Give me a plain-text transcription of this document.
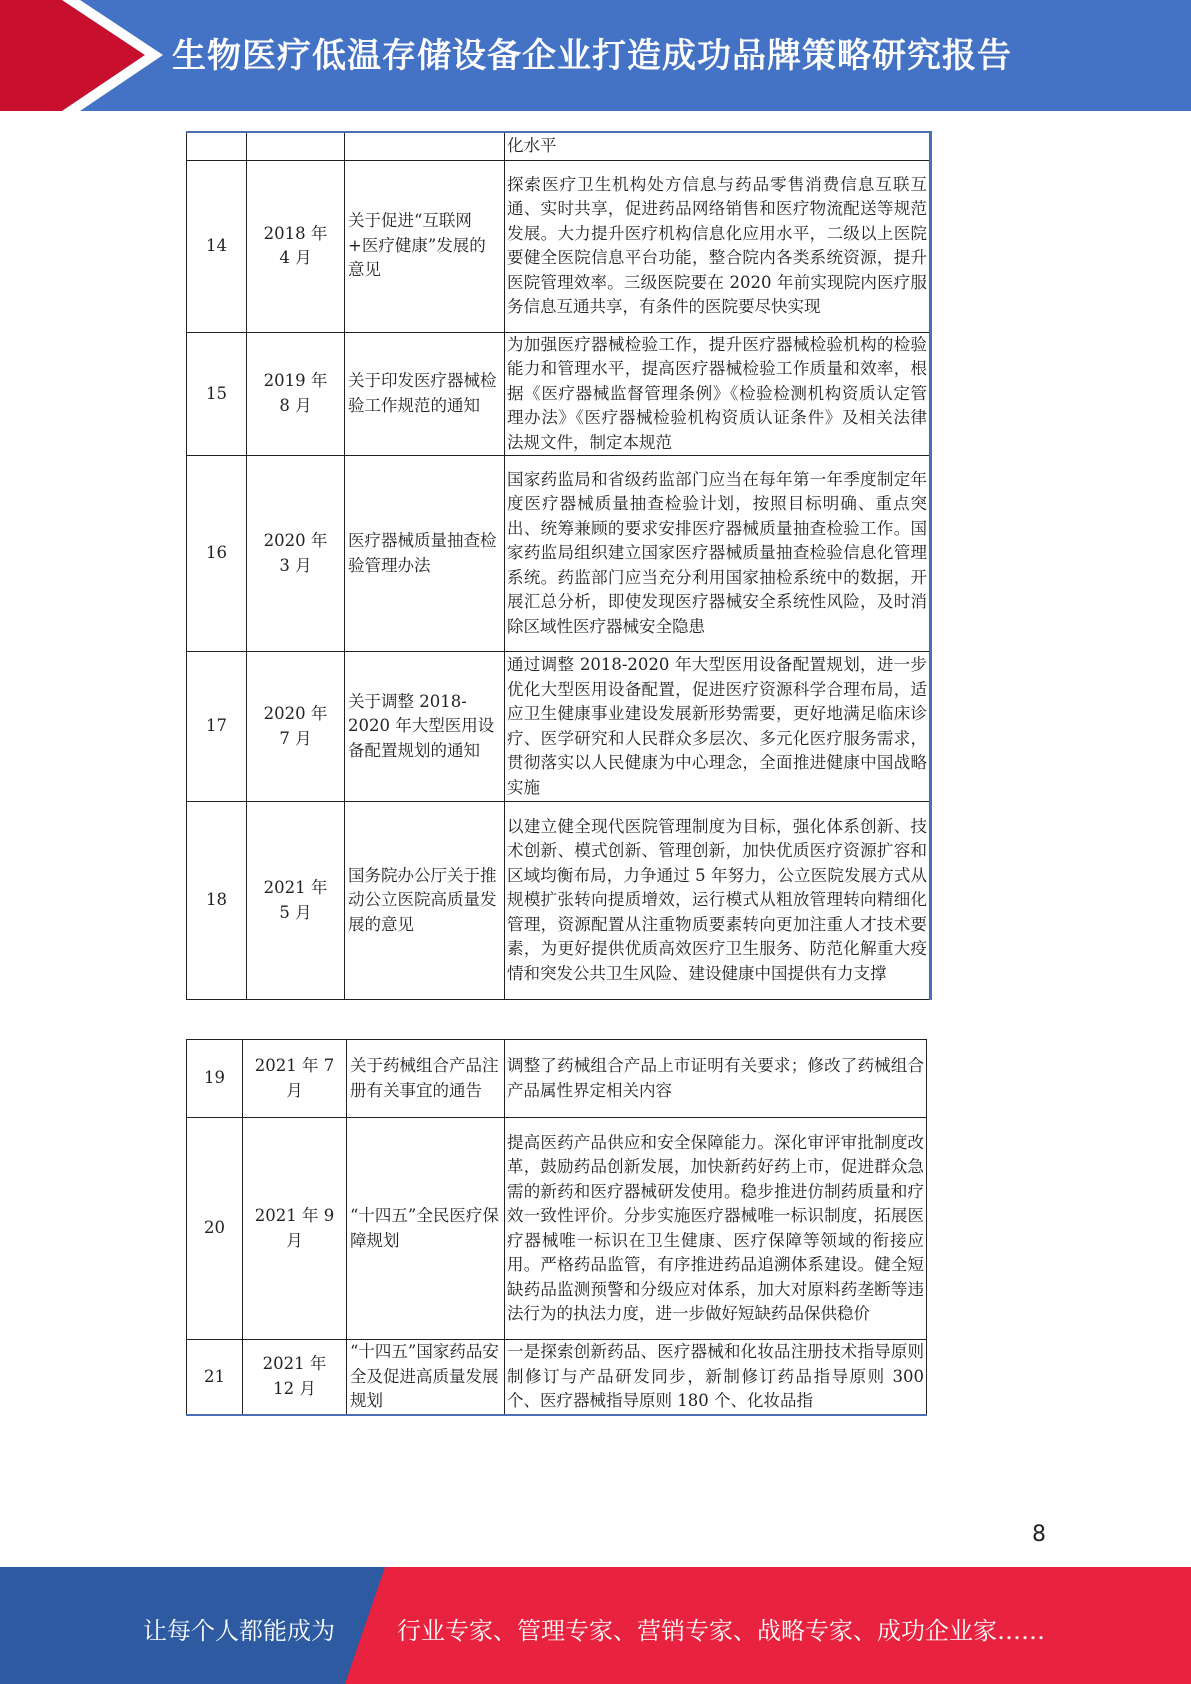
生物医疗低温存储设备企业打造成功品牌策略研究报告
			化水平
14	2018 年 4 月	关于促进“互联网+医疗健康”发展的意见	探索医疗卫生机构处方信息与药品零售消费信息互联互通、实时共享，促进药品网络销售和医疗物流配送等规范发展。大力提升医疗机构信息化应用水平，二级以上医院要健全医院信息平台功能，整合院内各类系统资源，提升医院管理效率。三级医院要在 2020 年前实现院内医疗服务信息互通共享，有条件的医院要尽快实现
15	2019 年 8 月	关于印发医疗器械检验工作规范的通知	为加强医疗器械检验工作，提升医疗器械检验机构的检验能力和管理水平，提高医疗器械检验工作质量和效率，根据《医疗器械监督管理条例》《检验检测机构资质认定管理办法》《医疗器械检验机构资质认证条件》及相关法律法规文件，制定本规范
16	2020 年 3 月	医疗器械质量抽查检验管理办法	国家药监局和省级药监部门应当在每年第一年季度制定年度医疗器械质量抽查检验计划，按照目标明确、重点突出、统筹兼顾的要求安排医疗器械质量抽查检验工作。国家药监局组织建立国家医疗器械质量抽查检验信息化管理系统。药监部门应当充分利用国家抽检系统中的数据，开展汇总分析，即使发现医疗器械安全系统性风险，及时消除区域性医疗器械安全隐患
17	2020 年 7 月	关于调整 2018-2020 年大型医用设备配置规划的通知	通过调整 2018-2020 年大型医用设备配置规划，进一步优化大型医用设备配置，促进医疗资源科学合理布局，适应卫生健康事业建设发展新形势需要，更好地满足临床诊疗、医学研究和人民群众多层次、多元化医疗服务需求，贯彻落实以人民健康为中心理念，全面推进健康中国战略实施
18	2021 年 5 月	国务院办公厅关于推动公立医院高质量发展的意见	以建立健全现代医院管理制度为目标，强化体系创新、技术创新、模式创新、管理创新，加快优质医疗资源扩容和区域均衡布局，力争通过 5 年努力，公立医院发展方式从规模扩张转向提质增效，运行模式从粗放管理转向精细化管理，资源配置从注重物质要素转向更加注重人才技术要素，为更好提供优质高效医疗卫生服务、防范化解重大疫情和突发公共卫生风险、建设健康中国提供有力支撑
19	2021 年 7 月	关于药械组合产品注册有关事宜的通告	调整了药械组合产品上市证明有关要求；修改了药械组合产品属性界定相关内容
20	2021 年 9 月	“十四五”全民医疗保障规划	提高医药产品供应和安全保障能力。深化审评审批制度改革，鼓励药品创新发展，加快新药好药上市，促进群众急需的新药和医疗器械研发使用。稳步推进仿制药质量和疗效一致性评价。分步实施医疗器械唯一标识制度，拓展医疗器械唯一标识在卫生健康、医疗保障等领域的衔接应用。严格药品监管，有序推进药品追溯体系建设。健全短缺药品监测预警和分级应对体系，加大对原料药垄断等违法行为的执法力度，进一步做好短缺药品保供稳价
21	2021 年 12 月	“十四五”国家药品安全及促进高质量发展规划	一是探索创新药品、医疗器械和化妆品注册技术指导原则制修订与产品研发同步，新制修订药品指导原则 300 个、医疗器械指导原则 180 个、化妆品指
8
让每个人都能成为	行业专家、管理专家、营销专家、战略专家、成功企业家……
